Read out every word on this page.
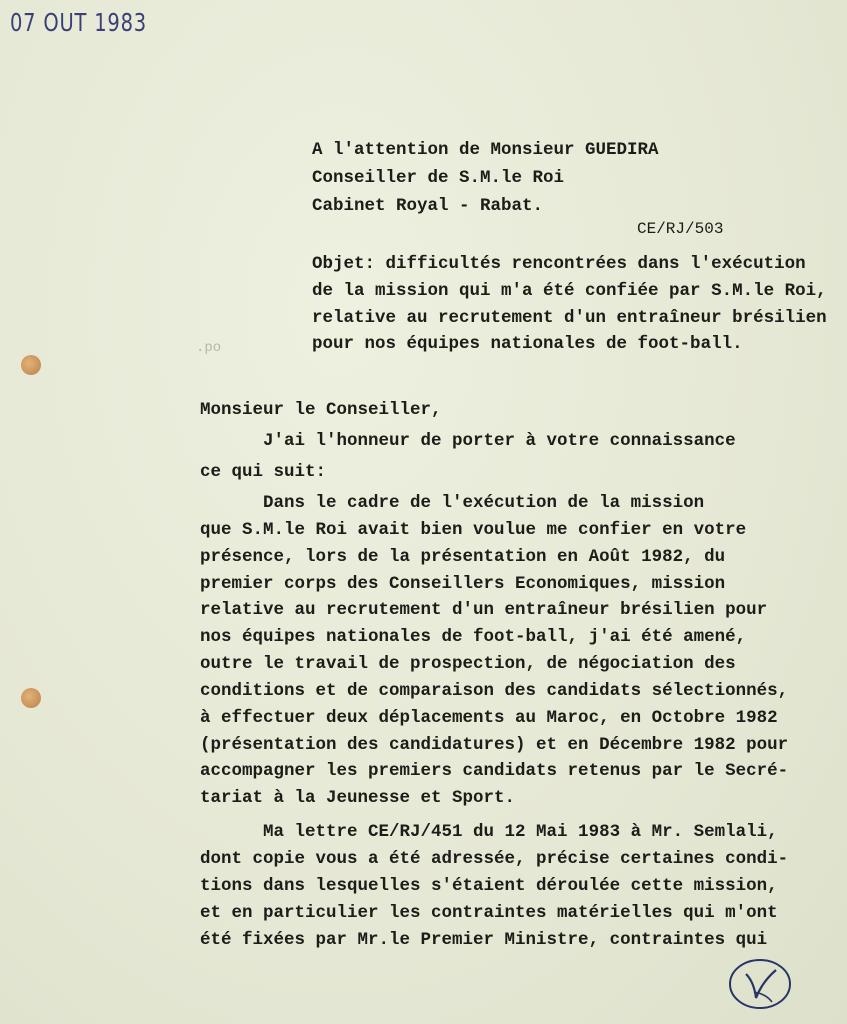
07 OUT 1983
.po
A l'attention de Monsieur GUEDIRA
Conseiller de S.M.le Roi
Cabinet Royal - Rabat.
CE/RJ/503
Objet: difficultés rencontrées dans l'exécution
de la mission qui m'a été confiée par S.M.le Roi,
relative au recrutement d'un entraîneur brésilien
pour nos équipes nationales de foot-ball.
Monsieur le Conseiller,
J'ai l'honneur de porter à votre connaissance
ce qui suit:
Dans le cadre de l'exécution de la mission
que S.M.le Roi avait bien voulue me confier en votre
présence, lors de la présentation en Août 1982, du
premier corps des Conseillers Economiques, mission
relative au recrutement d'un entraîneur brésilien pour
nos équipes nationales de foot-ball, j'ai été amené,
outre le travail de prospection, de négociation des
conditions et de comparaison des candidats sélectionnés,
à effectuer deux déplacements au Maroc, en Octobre 1982
(présentation des candidatures) et en Décembre 1982 pour
accompagner les premiers candidats retenus par le Secré-
tariat à la Jeunesse et Sport.
Ma lettre CE/RJ/451 du 12 Mai 1983 à Mr. Semlali,
dont copie vous a été adressée, précise certaines condi-
tions dans lesquelles s'étaient déroulée cette mission,
et en particulier les contraintes matérielles qui m'ont
été fixées par Mr.le Premier Ministre, contraintes qui
